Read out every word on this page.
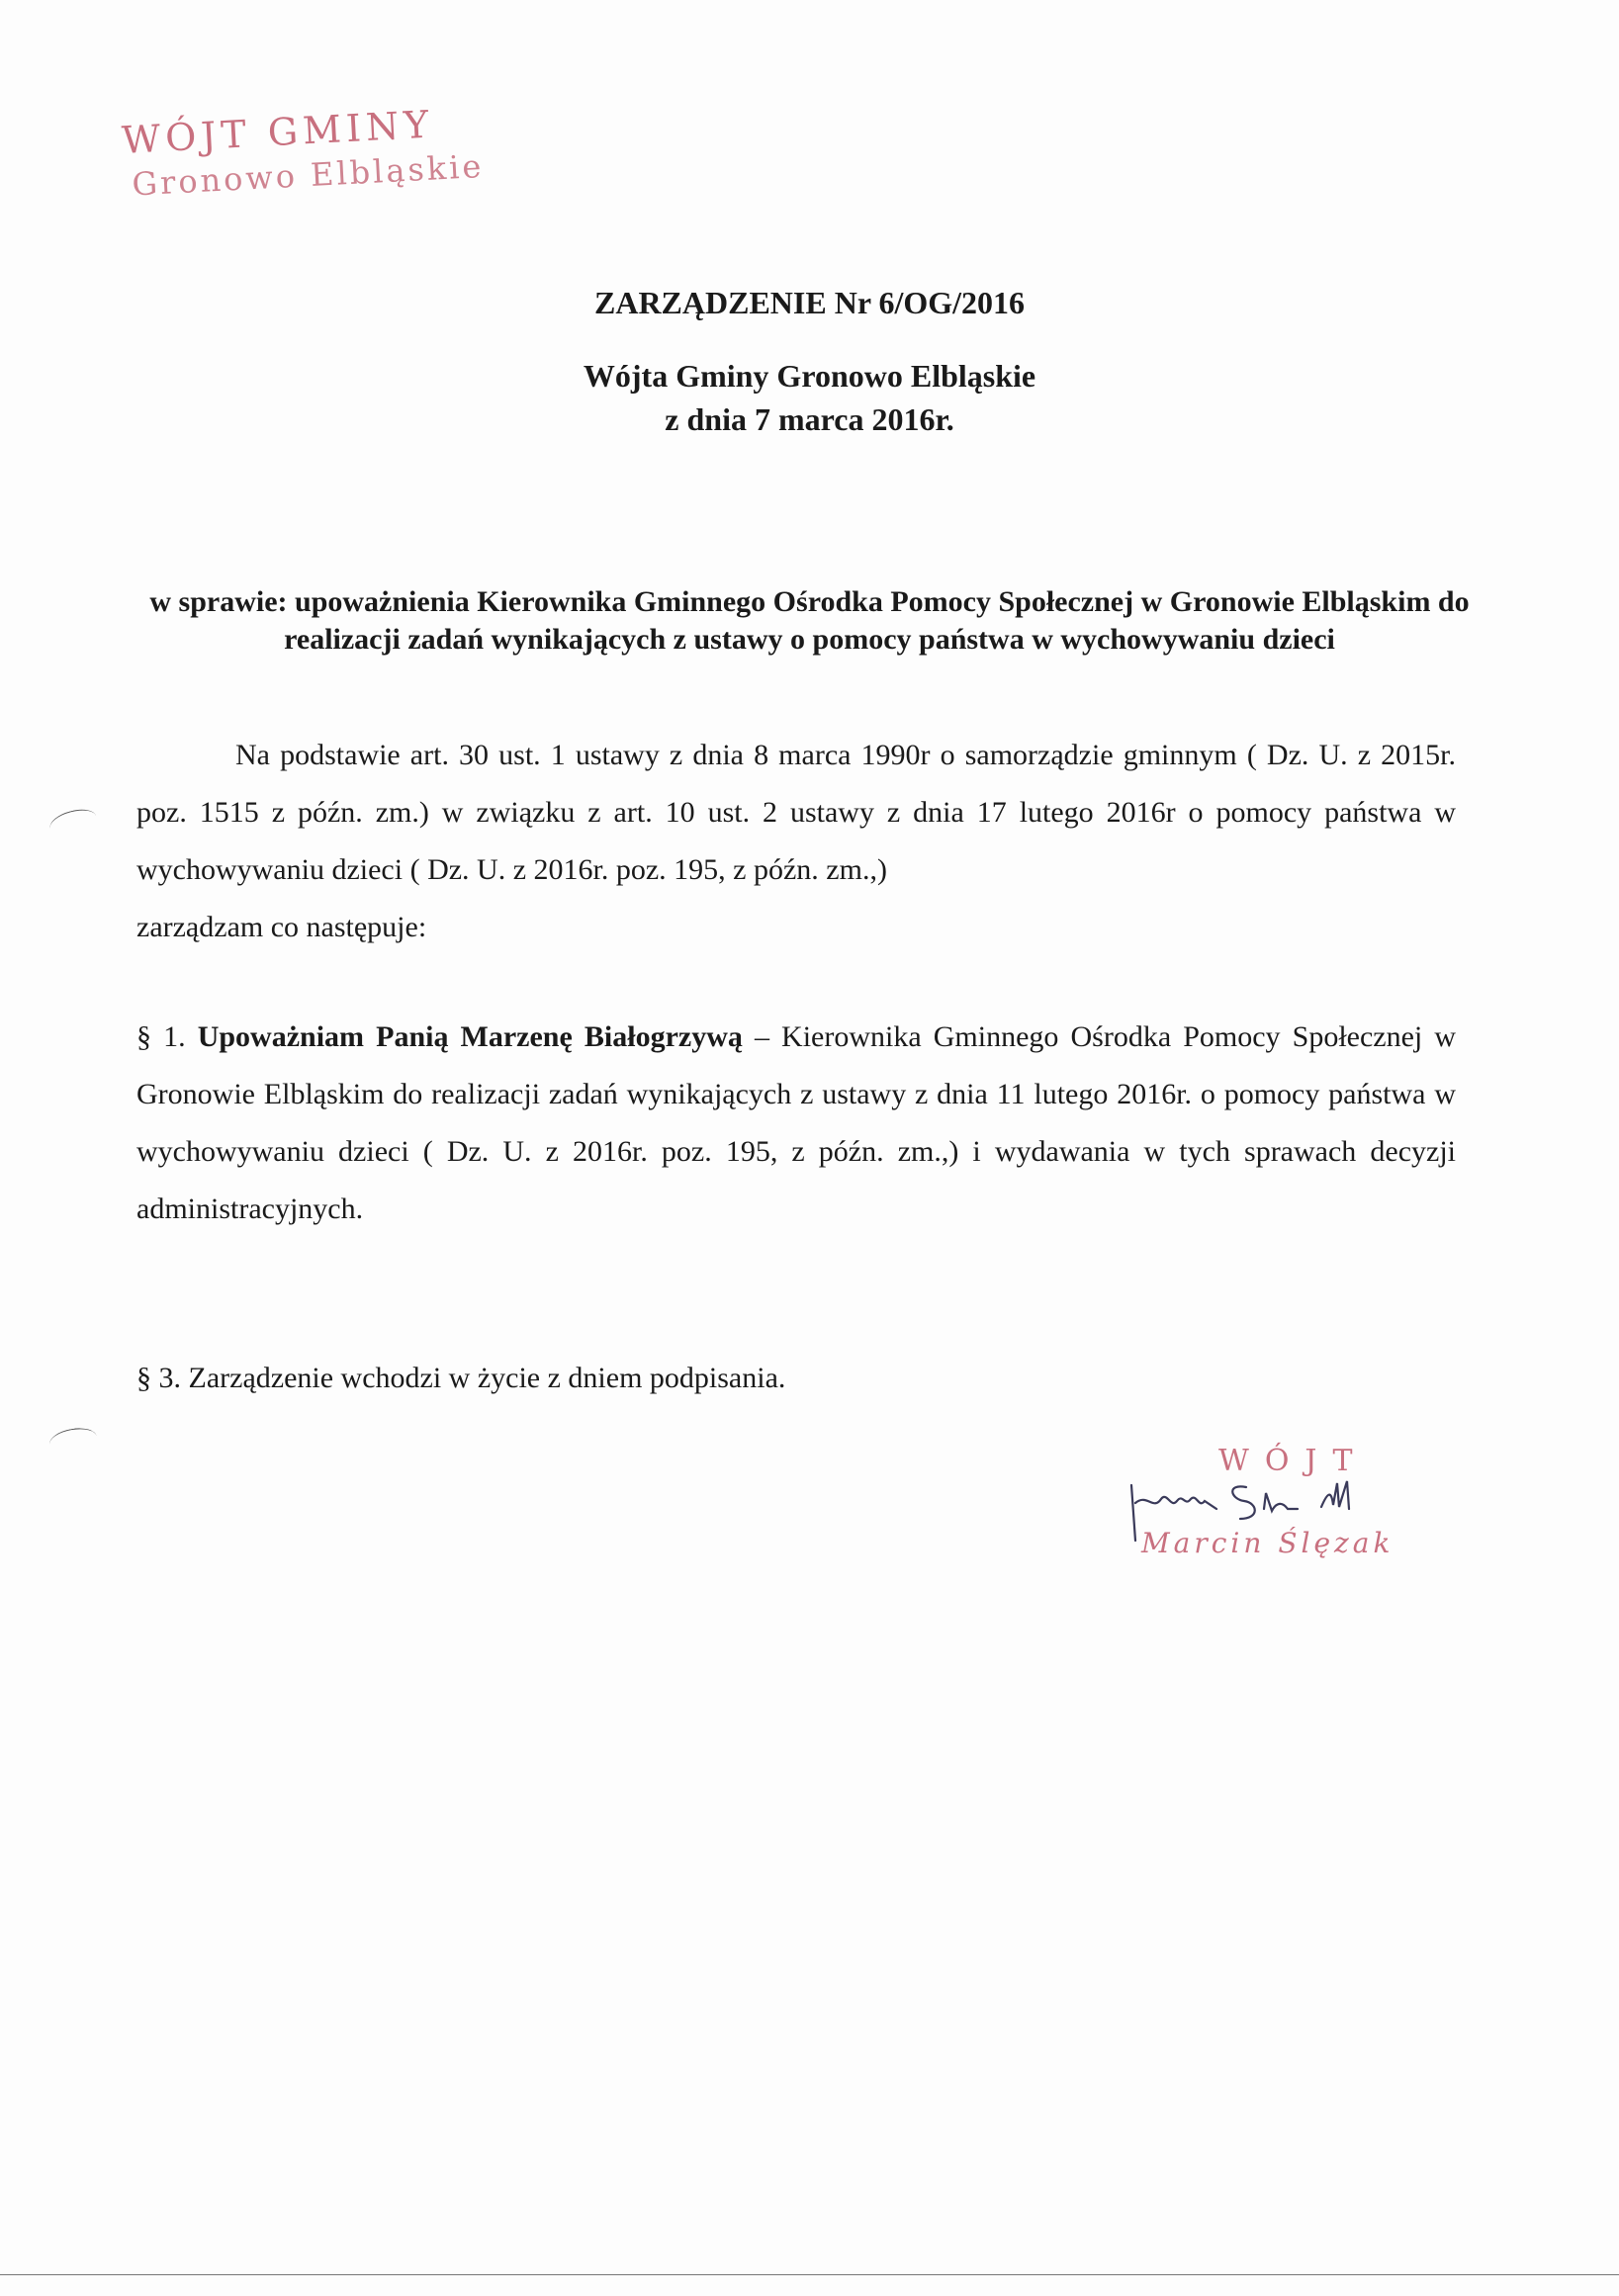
WÓJT GMINY
Gronowo Elbląskie
ZARZĄDZENIE Nr 6/OG/2016
Wójta Gminy Gronowo Elbląskie
z dnia 7 marca 2016r.
w sprawie: upoważnienia Kierownika Gminnego Ośrodka Pomocy Społecznej w Gronowie Elbląskim do realizacji zadań wynikających z ustawy o pomocy państwa w wychowywaniu dzieci
Na podstawie art. 30 ust. 1 ustawy z dnia 8 marca 1990r o samorządzie gminnym ( Dz. U. z 2015r. poz. 1515 z późn. zm.) w związku z art. 10 ust. 2 ustawy z dnia 17 lutego 2016r o pomocy państwa w wychowywaniu dzieci ( Dz. U. z 2016r. poz. 195, z późn. zm.,)
zarządzam co następuje:
§ 1. Upoważniam Panią Marzenę Białogrzywą – Kierownika Gminnego Ośrodka Pomocy Społecznej w Gronowie Elbląskim do realizacji zadań wynikających z ustawy z dnia 11 lutego 2016r. o pomocy państwa w wychowywaniu dzieci ( Dz. U. z 2016r. poz. 195, z późn. zm.,) i wydawania w tych sprawach decyzji administracyjnych.
§ 3. Zarządzenie wchodzi w życie z dniem podpisania.
WÓJT
Marcin Ślęzak
